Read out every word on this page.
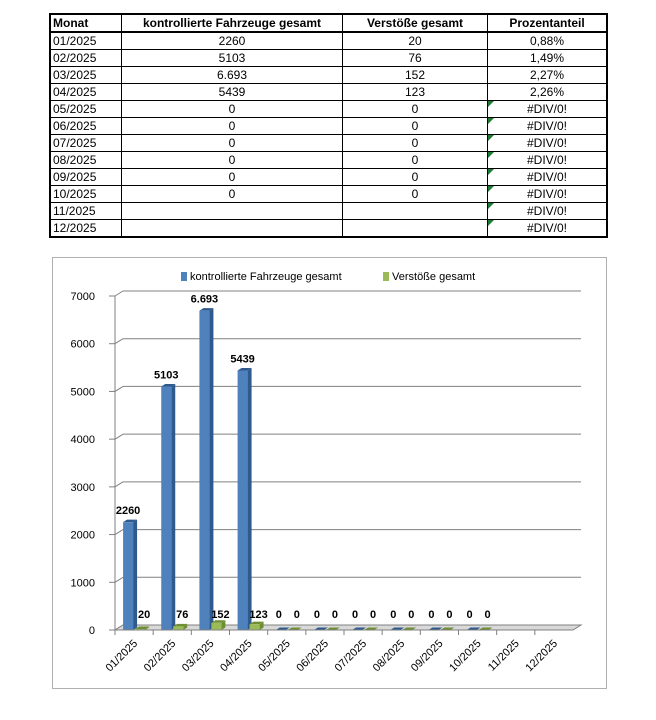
Monat	kontrollierte Fahrzeuge gesamt	Verstöße gesamt	Prozentanteil
01/2025	2260	20	0,88%
02/2025	5103	76	1,49%
03/2025	6.693	152	2,27%
04/2025	5439	123	2,26%
05/2025	0	0	#DIV/0!
06/2025	0	0	#DIV/0!
07/2025	0	0	#DIV/0!
08/2025	0	0	#DIV/0!
09/2025	0	0	#DIV/0!
10/2025	0	0	#DIV/0!
11/2025			#DIV/0!
12/2025			#DIV/0!
0
1000
2000
3000
4000
5000
6000
7000
2260
20
01/2025
5103
76
02/2025
6.693
152
03/2025
5439
123
04/2025
0 0
05/2025
0 0
06/2025
0 0
07/2025
0 0
08/2025
0 0
09/2025
0 0
10/2025 11/2025 12/2025
kontrollierte Fahrzeuge gesamt	Verstöße gesamt
